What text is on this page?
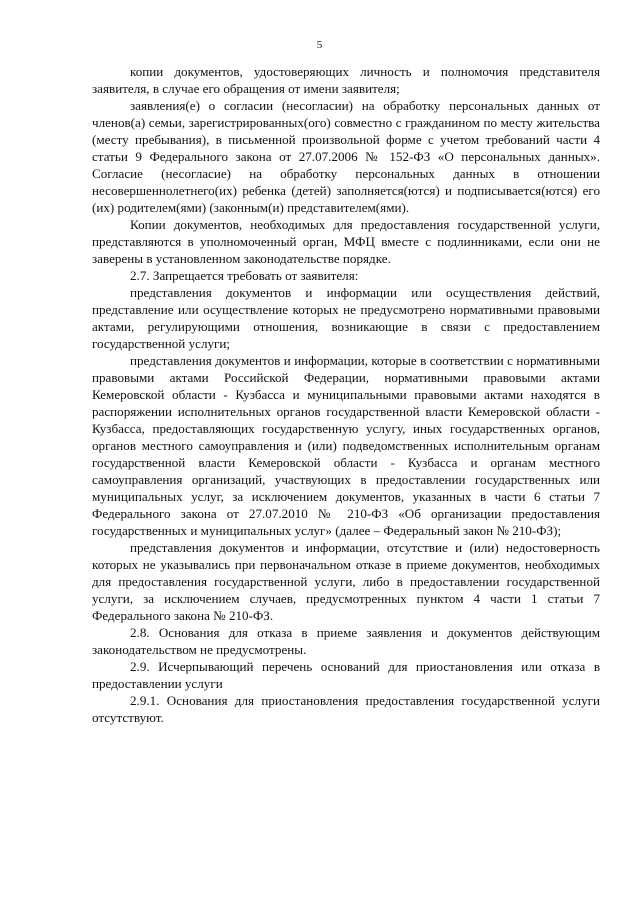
5

копии документов, удостоверяющих личность и полномочия представителя заявителя, в случае его обращения от имени заявителя;

заявления(е) о согласии (несогласии) на обработку персональных данных от членов(а) семьи, зарегистрированных(ого) совместно с гражданином по месту жительства (месту пребывания), в письменной произвольной форме с учетом требований части 4 статьи 9 Федерального закона от 27.07.2006 № 152-ФЗ «О персональных данных». Согласие (несогласие) на обработку персональных данных в отношении несовершеннолетнего(их) ребенка (детей) заполняется(ются) и подписывается(ются) его (их) родителем(ями) (законным(и) представителем(ями).

Копии документов, необходимых для предоставления государственной услуги, представляются в уполномоченный орган, МФЦ вместе с подлинниками, если они не заверены в установленном законодательстве порядке.

2.7. Запрещается требовать от заявителя:

представления документов и информации или осуществления действий, представление или осуществление которых не предусмотрено нормативными правовыми актами, регулирующими отношения, возникающие в связи с предоставлением государственной услуги;

представления документов и информации, которые в соответствии с нормативными правовыми актами Российской Федерации, нормативными правовыми актами Кемеровской области - Кузбасса и муниципальными правовыми актами находятся в распоряжении исполнительных органов государственной власти Кемеровской области - Кузбасса, предоставляющих государственную услугу, иных государственных органов, органов местного самоуправления и (или) подведомственных исполнительным органам государственной власти Кемеровской области - Кузбасса и органам местного самоуправления организаций, участвующих в предоставлении государственных или муниципальных услуг, за исключением документов, указанных в части 6 статьи 7 Федерального закона от 27.07.2010 № 210-ФЗ «Об организации предоставления государственных и муниципальных услуг» (далее – Федеральный закон № 210-ФЗ);

представления документов и информации, отсутствие и (или) недостоверность которых не указывались при первоначальном отказе в приеме документов, необходимых для предоставления государственной услуги, либо в предоставлении государственной услуги, за исключением случаев, предусмотренных пунктом 4 части 1 статьи 7 Федерального закона № 210-ФЗ.

2.8. Основания для отказа в приеме заявления и документов действующим законодательством не предусмотрены.

2.9. Исчерпывающий перечень оснований для приостановления или отказа в предоставлении услуги

2.9.1. Основания для приостановления предоставления государственной услуги отсутствуют.
